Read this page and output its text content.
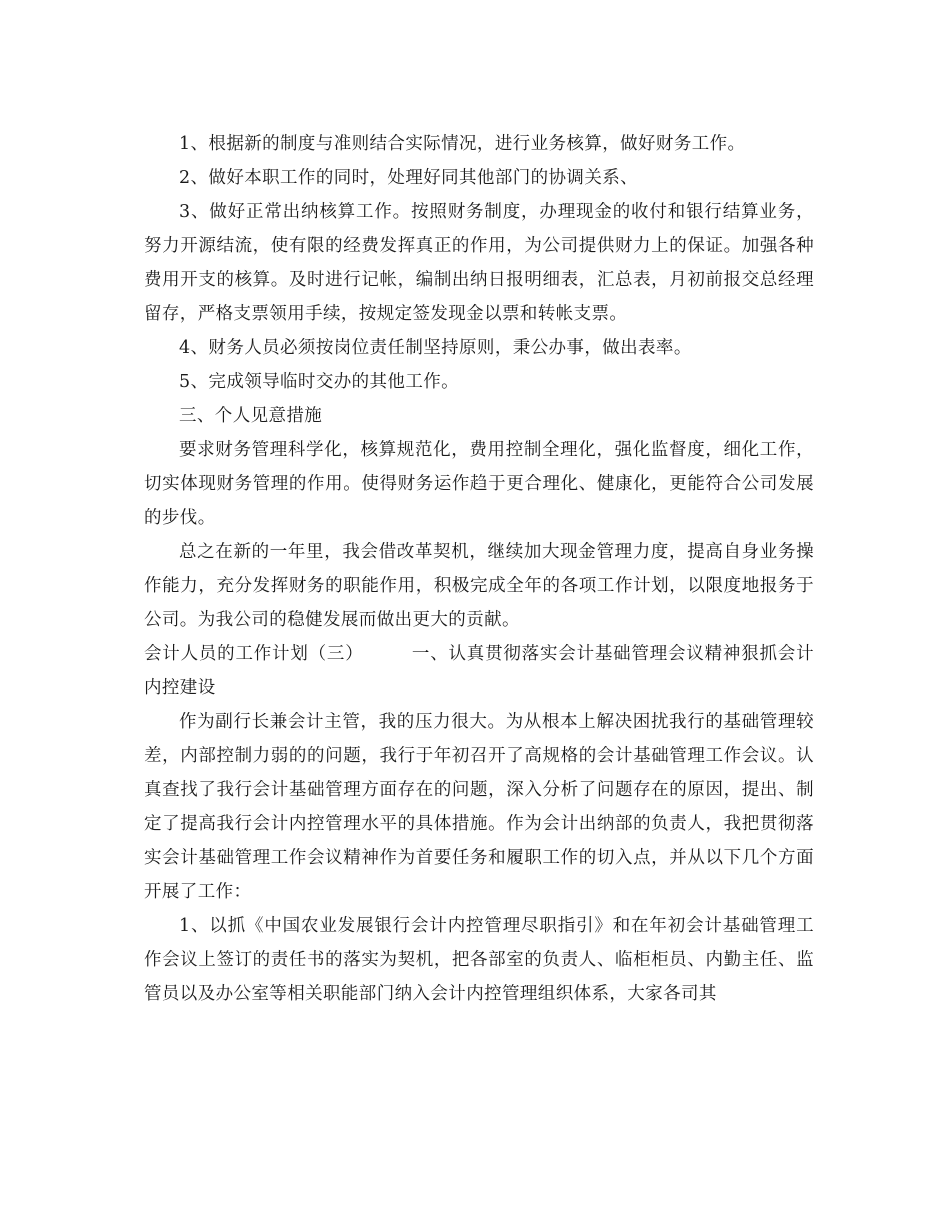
1、根据新的制度与准则结合实际情况，进行业务核算，做好财务工作。

2、做好本职工作的同时，处理好同其他部门的协调关系、

3、做好正常出纳核算工作。按照财务制度，办理现金的收付和银行结算业务，努力开源结流，使有限的经费发挥真正的作用，为公司提供财力上的保证。加强各种费用开支的核算。及时进行记帐，编制出纳日报明细表，汇总表，月初前报交总经理留存，严格支票领用手续，按规定签发现金以票和转帐支票。

4、财务人员必须按岗位责任制坚持原则，秉公办事，做出表率。

5、完成领导临时交办的其他工作。

三、个人见意措施

要求财务管理科学化，核算规范化，费用控制全理化，强化监督度，细化工作，切实体现财务管理的作用。使得财务运作趋于更合理化、健康化，更能符合公司发展的步伐。

总之在新的一年里，我会借改革契机，继续加大现金管理力度，提高自身业务操作能力，充分发挥财务的职能作用，积极完成全年的各项工作计划，以限度地报务于公司。为我公司的稳健发展而做出更大的贡献。

会计人员的工作计划（三）	一、认真贯彻落实会计基础管理会议精神狠抓会计内控建设

作为副行长兼会计主管，我的压力很大。为从根本上解决困扰我行的基础管理较差，内部控制力弱的的问题，我行于年初召开了高规格的会计基础管理工作会议。认真查找了我行会计基础管理方面存在的问题，深入分析了问题存在的原因，提出、制定了提高我行会计内控管理水平的具体措施。作为会计出纳部的负责人，我把贯彻落实会计基础管理工作会议精神作为首要任务和履职工作的切入点，并从以下几个方面开展了工作：

1、以抓《中国农业发展银行会计内控管理尽职指引》和在年初会计基础管理工作会议上签订的责任书的落实为契机，把各部室的负责人、临柜柜员、内勤主任、监管员以及办公室等相关职能部门纳入会计内控管理组织体系，大家各司其
